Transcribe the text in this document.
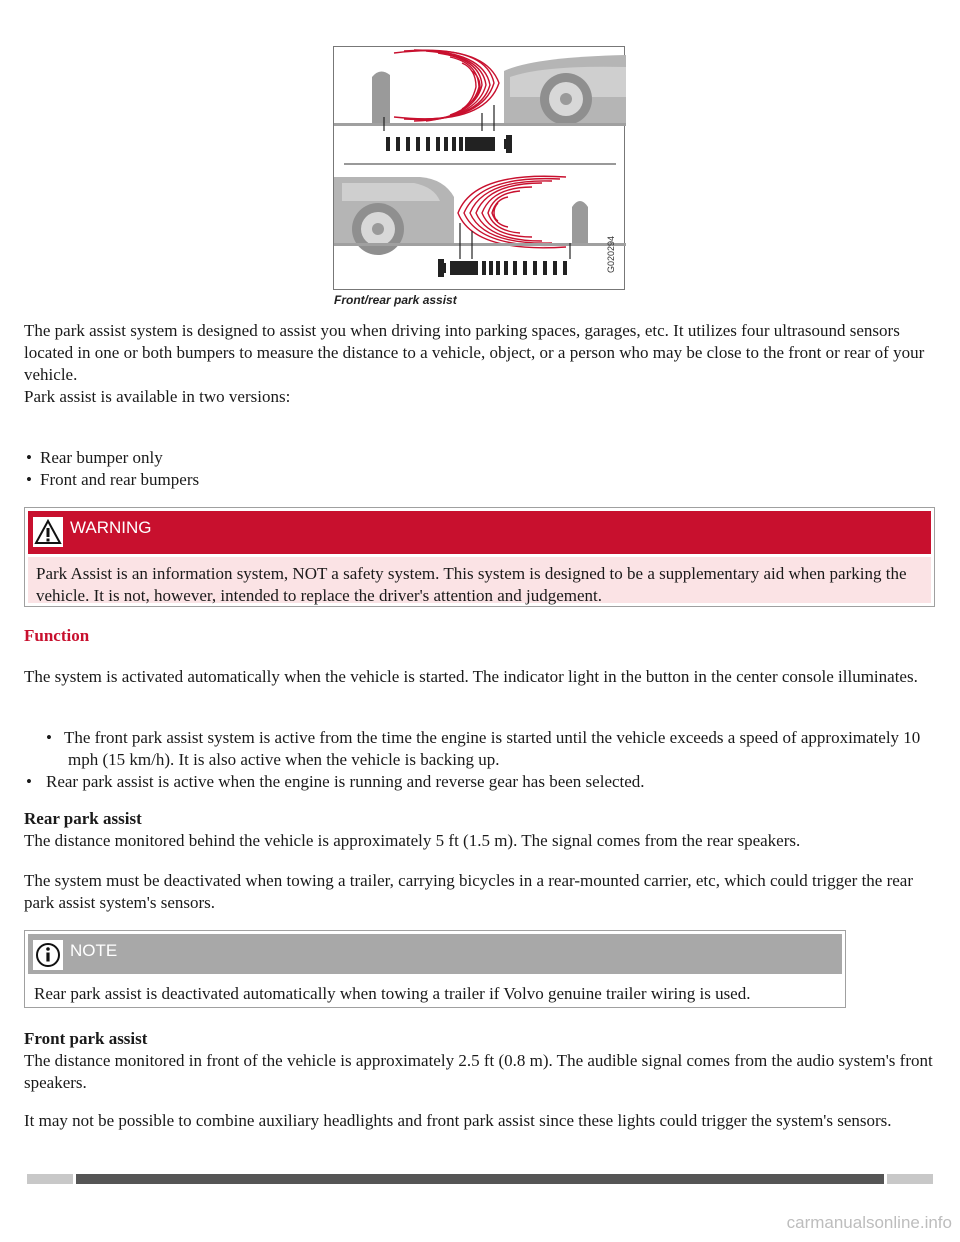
G020294
Front/rear park assist

The park assist system is designed to assist you when driving into parking spaces, garages, etc. It utilizes four ultrasound sensors located in one or both bumpers to measure the distance to a vehicle, object, or a person who may be close to the front or rear of your vehicle.

Park assist is available in two versions:

• Rear bumper only
• Front and rear bumpers
WARNING
Park Assist is an information system, NOT a safety system. This system is designed to be a supplementary aid when parking the vehicle. It is not, however, intended to replace the driver's attention and judgement.
Function

The system is activated automatically when the vehicle is started. The indicator light in the button in the center console illuminates.

• The front park assist system is active from the time the engine is started until the vehicle exceeds a speed of approximately 10 mph (15 km/h). It is also active when the vehicle is backing up.
• Rear park assist is active when the engine is running and reverse gear has been selected.
Rear park assist

The distance monitored behind the vehicle is approximately 5 ft (1.5 m). The signal comes from the rear speakers.

The system must be deactivated when towing a trailer, carrying bicycles in a rear-mounted carrier, etc, which could trigger the rear park assist system's sensors.

NOTE
Rear park assist is deactivated automatically when towing a trailer if Volvo genuine trailer wiring is used.
Front park assist

The distance monitored in front of the vehicle is approximately 2.5 ft (0.8 m). The audible signal comes from the audio system's front speakers.

It may not be possible to combine auxiliary headlights and front park assist since these lights could trigger the system's sensors.

carmanualsonline.info
